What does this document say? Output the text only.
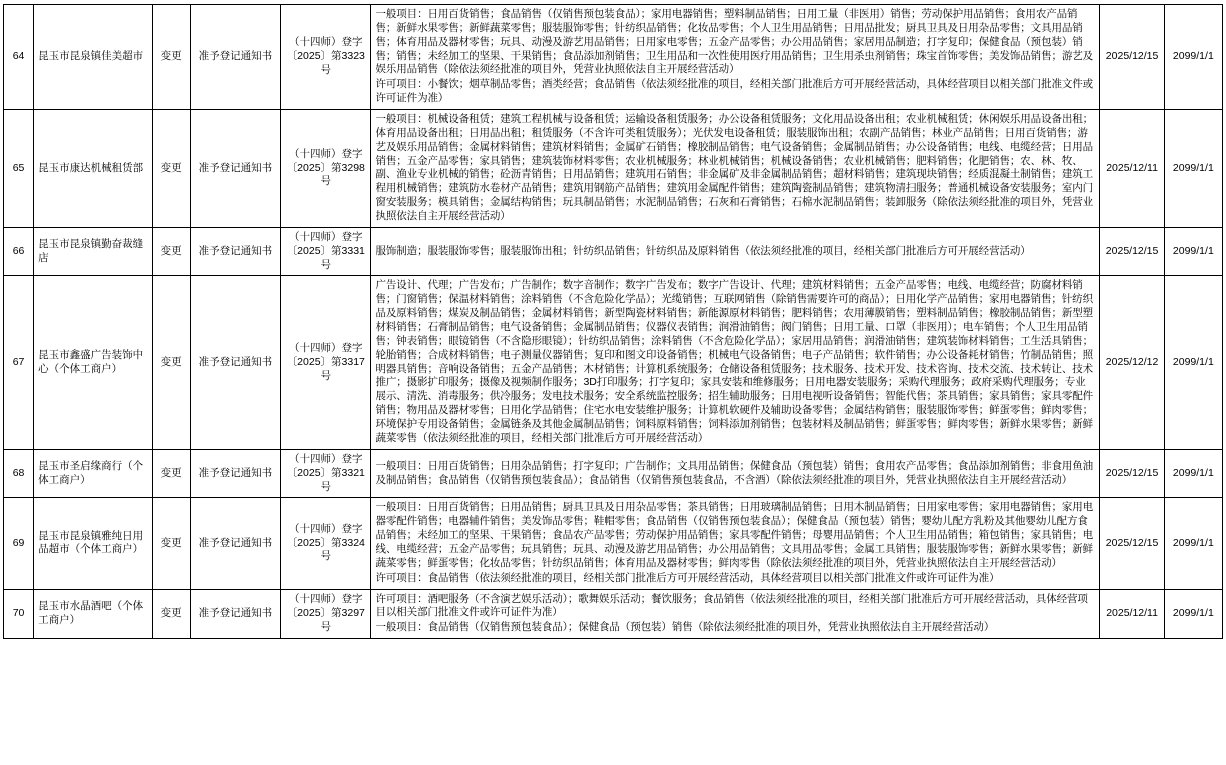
64	昆玉市昆泉镇佳美超市	变更	准予登记通知书	（十四师）登字〔2025〕第3323号	一般项目：日用百货销售；食品销售（仅销售预包装食品）；家用电器销售；塑料制品销售；日用工量（非医用）销售；劳动保护用品销售；食用农产品销售；新鲜水果零售；新鲜蔬菜零售；服装服饰零售；针纺织品销售；化妆品零售；个人卫生用品销售；日用品批发；厨具卫具及日用杂品零售；文具用品销售；体育用品及器材零售；玩具、动漫及游艺用品销售；日用家电零售；五金产品零售；办公用品销售；家居用品制造；打字复印；保健食品（预包装）销售；销售；未经加工的坚果、干果销售；食品添加剂销售；卫生用品和一次性使用医疗用品销售；卫生用杀虫剂销售；珠宝首饰零售；美发饰品销售；游艺及娱乐用品销售（除依法须经批准的项目外，凭营业执照依法自主开展经营活动）
许可项目：小餐饮；烟草制品零售；酒类经营；食品销售（依法须经批准的项目，经相关部门批准后方可开展经营活动，具体经营项目以相关部门批准文件或许可证件为准）	2025/12/15	2099/1/1
65	昆玉市康达机械租赁部	变更	准予登记通知书	（十四师）登字〔2025〕第3298号	一般项目：机械设备租赁；建筑工程机械与设备租赁；运输设备租赁服务；办公设备租赁服务；文化用品设备出租；农业机械租赁；休闲娱乐用品设备出租；体育用品设备出租；日用品出租；租赁服务（不含许可类租赁服务）；光伏发电设备租赁；服装服饰出租；农副产品销售；林业产品销售；日用百货销售；游艺及娱乐用品销售；金属材料销售；建筑材料销售；金属矿石销售；橡胶制品销售；电气设备销售；金属制品销售；办公设备销售；电线、电缆经营；日用品销售；五金产品零售；家具销售；建筑装饰材料零售；农业机械服务；林业机械销售；机械设备销售；农业机械销售；肥料销售；化肥销售；农、林、牧、副、渔业专业机械的销售；砼沥青销售；日用品销售；建筑用石销售；非金属矿及非金属制品销售；超材料销售；建筑现块销售；经质混凝土制销售；建筑工程用机械销售；建筑防水卷材产品销售；建筑用钢筋产品销售；建筑用金属配件销售；建筑陶瓷制品销售；建筑物清扫服务；普通机械设备安装服务；室内门窗安装服务；模具销售；金属结构销售；玩具制品销售；水泥制品销售；石灰和石膏销售；石棉水泥制品销售；装卸服务（除依法须经批准的项目外，凭营业执照依法自主开展经营活动）	2025/12/11	2099/1/1
66	昆玉市昆泉镇勤奋裁缝店	变更	准予登记通知书	（十四师）登字〔2025〕第3331号	服饰制造；服装服饰零售；服装服饰出租；针纺织品销售；针纺织品及原料销售（依法须经批准的项目，经相关部门批准后方可开展经营活动）	2025/12/15	2099/1/1
67	昆玉市鑫盛广告装饰中心（个体工商户）	变更	准予登记通知书	（十四师）登字〔2025〕第3317号	广告设计、代理；广告发布；广告制作；数字音制作；数字广告发布；数字广告设计、代理；建筑材料销售；五金产品零售；电线、电缆经营；防腐材料销售；门窗销售；保温材料销售；涂料销售（不含危险化学品）；光缆销售；互联网销售（除销售需要许可的商品）；日用化学产品销售；家用电器销售；针纺织品及原料销售；煤炭及制品销售；金属材料销售；新型陶瓷材料销售；新能源原材料销售；肥料销售；农用薄膜销售；塑料制品销售；橡胶制品销售；新型塑材料销售；石膏制品销售；电气设备销售；金属制品销售；仪器仪表销售；润滑油销售；阀门销售；日用工量、口罩（非医用）；电车销售；个人卫生用品销售；钟表销售；眼镜销售（不含隐形眼镜）；针纺织品销售；涂料销售（不含危险化学品）；家居用品销售；润滑油销售；建筑装饰材料销售；工生活具销售；轮胎销售；合成材料销售；电子测量仪器销售；复印和图文印设备销售；机械电气设备销售；电子产品销售；软件销售；办公设备耗材销售；竹制品销售；照明器具销售；音响设备销售；五金产品销售；木材销售；计算机系统服务；仓储设备租赁服务；技术服务、技术开发、技术咨询、技术交流、技术转让、技术推广；摄影扩印服务；摄像及视频制作服务；3D打印服务；打字复印；家具安装和维修服务；日用电器安装服务；采购代理服务；政府采购代理服务；专业展示、清洗、消毒服务；供冷服务；发电技术服务；安全系统监控服务；招生辅助服务；日用电视听设备销售；智能代售；茶具销售；家具销售；家具零配件销售；物用品及器材零售；日用化学品销售；住宅水电安装维护服务；计算机软硬件及辅助设备零售；金属结构销售；服装服饰零售；鲜蛋零售；鲜肉零售；环境保护专用设备销售；金属链条及其他金属制品销售；饲料原料销售；饲料添加剂销售；包装材料及制品销售；鲜蛋零售；鲜肉零售；新鲜水果零售；新鲜蔬菜零售（依法须经批准的项目，经相关部门批准后方可开展经营活动）	2025/12/12	2099/1/1
68	昆玉市圣启缘商行（个体工商户）	变更	准予登记通知书	（十四师）登字〔2025〕第3321号	一般项目：日用百货销售；日用杂品销售；打字复印；广告制作；文具用品销售；保健食品（预包装）销售；食用农产品零售；食品添加剂销售；非食用鱼油及制品销售；食品销售（仅销售预包装食品）；食品销售（仅销售预包装食品，不含酒）（除依法须经批准的项目外，凭营业执照依法自主开展经营活动）	2025/12/15	2099/1/1
69	昆玉市昆泉镇雅纯日用品超市（个体工商户）	变更	准予登记通知书	（十四师）登字〔2025〕第3324号	一般项目：日用百货销售；日用品销售；厨具卫具及日用杂品零售；茶具销售；日用玻璃制品销售；日用木制品销售；日用家电零售；家用电器销售；家用电器零配件销售；电器辅件销售；美发饰品零售；鞋帽零售；食品销售（仅销售预包装食品）；保健食品（预包装）销售；婴幼儿配方乳粉及其他婴幼儿配方食品销售；未经加工的坚果、干果销售；食品农产品零售；劳动保护用品销售；家具零配件销售；母婴用品销售；个人卫生用品销售；箱包销售；家具销售；电线、电缆经营；五金产品零售；玩具销售；玩具、动漫及游艺用品销售；办公用品销售；文具用品零售；金属工具销售；服装服饰零售；新鲜水果零售；新鲜蔬菜零售；鲜蛋零售；化妆品零售；针纺织品销售；体育用品及器材零售；鲜肉零售（除依法须经批准的项目外，凭营业执照依法自主开展经营活动）
许可项目：食品销售（依法须经批准的项目，经相关部门批准后方可开展经营活动，具体经营项目以相关部门批准文件或许可证件为准）	2025/12/15	2099/1/1
70	昆玉市水晶酒吧（个体工商户）	变更	准予登记通知书	（十四师）登字〔2025〕第3297号	许可项目：酒吧服务（不含演艺娱乐活动）；歌舞娱乐活动；餐饮服务；食品销售（依法须经批准的项目，经相关部门批准后方可开展经营活动，具体经营项目以相关部门批准文件或许可证件为准）
一般项目：食品销售（仅销售预包装食品）；保健食品（预包装）销售（除依法须经批准的项目外，凭营业执照依法自主开展经营活动）	2025/12/11	2099/1/1
